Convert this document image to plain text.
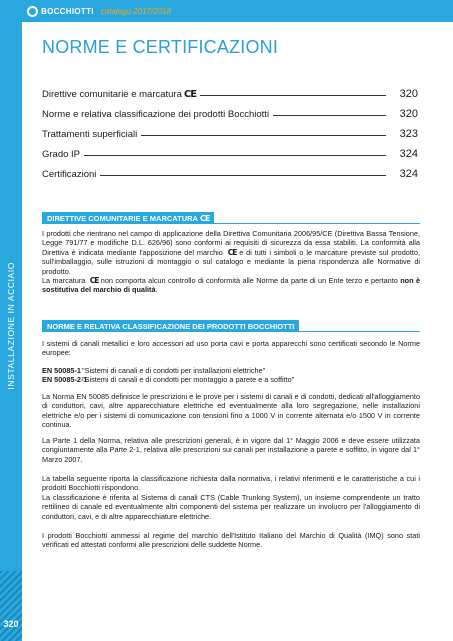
BOCCHIOTTI catalogo 2017/2018
INSTALLAZIONE IN ACCIAIO
320
NORME E CERTIFICAZIONI
Direttive comunitarie e marcatura CE	320
Norme e relativa classificazione dei prodotti Bocchiotti	320
Trattamenti superficiali	323
Grado IP	324
Certificazioni	324
DIRETTIVE COMUNITARIE E MARCATURA CE
I prodotti che rientrano nel campo di applicazione della Direttiva Comunitaria 2006/95/CE (Direttiva Bassa Tensione, Legge 791/77 e modifiche D.L. 626/96) sono conformi ai requisiti di sicurezza da essa stabiliti. La conformità alla Direttiva è indicata mediante l'apposizione del marchio CE e di tutti i simboli o le marcature previste sul prodotto, sull'imballaggio, sulle istruzioni di montaggio o sul catalogo e mediante la piena rispondenza alle Normative di prodotto.
La marcatura CE non comporta alcun controllo di conformità alle Norme da parte di un Ente terzo e pertanto non è sostitutiva del marchio di qualità.
NORME E RELATIVA CLASSIFICAZIONE DEI PRODOTTI BOCCHIOTTI
I sistemi di canali metallici e loro accessori ad uso porta cavi e porta apparecchi sono certificati secondo le Norme europee:
EN 50085-1 "Sistemi di canali e di condotti per installazioni elettriche"
EN 50085-2-1
"Sistemi di canali e di condotti per montaggio a parete e a soffitto"
La Norma EN 50085 definisce le prescrizioni e le prove per i sistemi di canali e di condotti, dedicati all'alloggiamento di conduttori, cavi, altre apparecchiature elettriche ed eventualmente alla loro segregazione, nelle installazioni elettriche e/o per i sistemi di comunicazione con tensioni fino a 1000 V in corrente alternata e/o 1500 V in corrente continua.
La Parte 1 della Norma, relativa alle prescrizioni generali, è in vigore dal 1° Maggio 2006 e deve essere utilizzata congiuntamente alla Parte 2-1, relativa alle prescrizioni sui canali per installazione a parete e soffitto, in vigore dal 1° Marzo 2007.
La tabella seguente riporta la classificazione richiesta dalla normativa, i relativi riferimenti e le caratteristiche a cui i prodotti Bocchiotti rispondono.
La classificazione è riferita al Sistema di canali CTS (Cable Trunking System), un insieme comprendente un tratto rettilineo di canale ed eventualmente altri componenti del sistema per realizzare un involucro per l'alloggiamento di conduttori, cavi, e di altre apparecchiature elettriche.
I prodotti Bocchiotti ammessi al regime del marchio dell'Istituto Italiano del Marchio di Qualità (IMQ) sono stati verificati ed attestati conformi alle prescrizioni delle suddette Norme.
